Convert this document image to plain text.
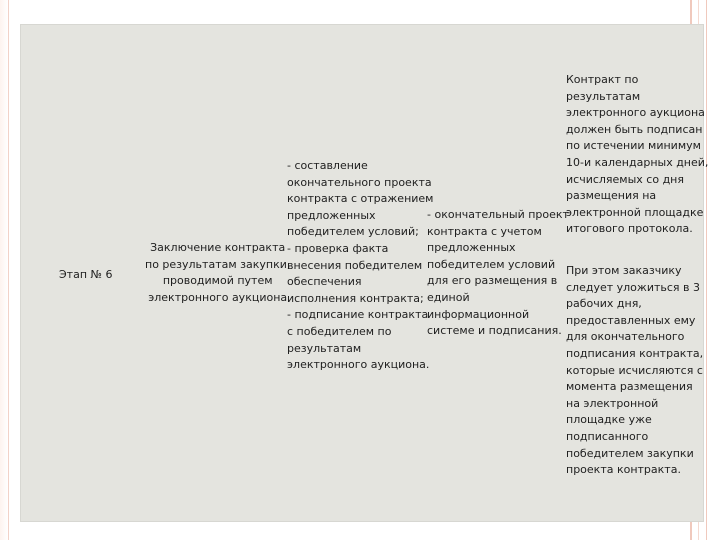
Этап № 6
Заключение контракта
по результатам закупки,
проводимой путем
электронного аукциона
- составление
окончательного проекта
контракта с отражением
предложенных
победителем условий;
- проверка факта
внесения победителем
обеспечения
исполнения контракта;
- подписание контракта
с победителем по
результатам
электронного аукциона.
- окончательный проект
контракта с учетом
предложенных
победителем условий
для его размещения в
единой
информационной
системе и подписания.
Контракт по
результатам
электронного аукциона
должен быть подписан
по истечении минимум
10-и календарных дней,
исчисляемых со дня
размещения на
электронной площадке
итогового протокола.
При этом заказчику
следует уложиться в 3
рабочих дня,
предоставленных ему
для окончательного
подписания контракта,
которые исчисляются с
момента размещения
на электронной
площадке уже
подписанного
победителем закупки
проекта контракта.
